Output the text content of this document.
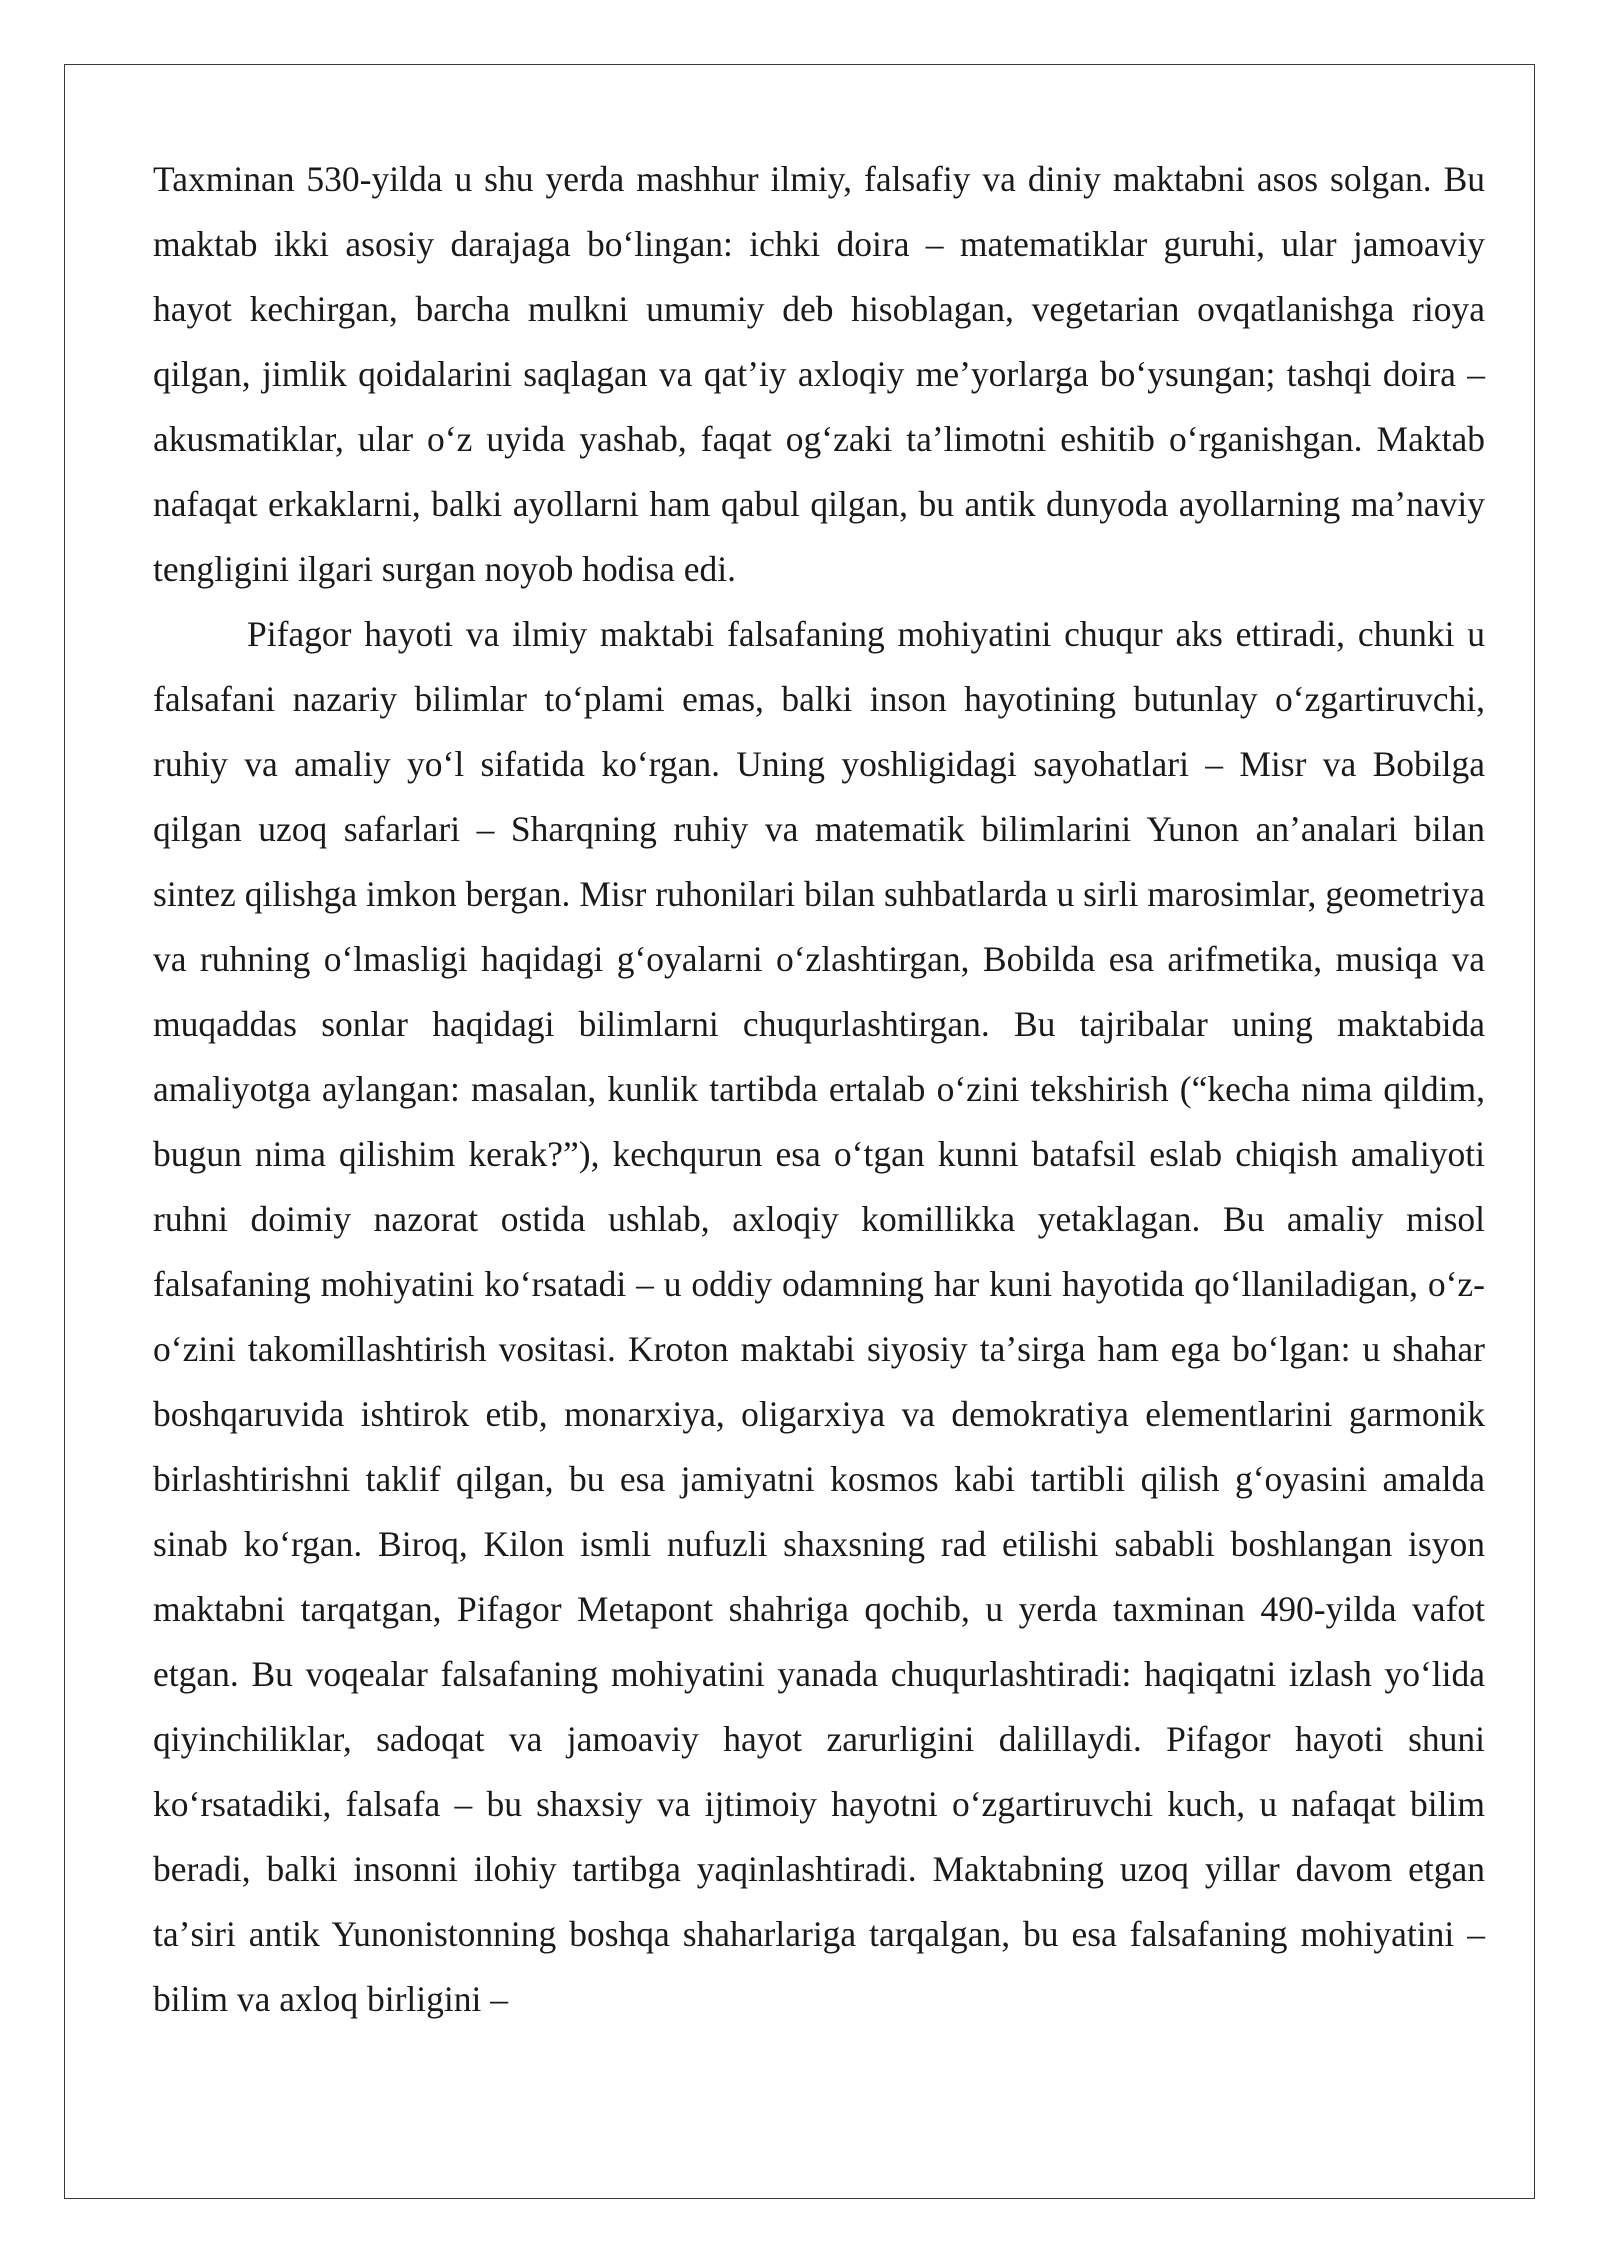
Taxminan 530-yilda u shu yerda mashhur ilmiy, falsafiy va diniy maktabni asos solgan. Bu maktab ikki asosiy darajaga boʻlingan: ichki doira – matematiklar guruhi, ular jamoaviy hayot kechirgan, barcha mulkni umumiy deb hisoblagan, vegetarian ovqatlanishga rioya qilgan, jimlik qoidalarini saqlagan va qatʼiy axloqiy meʼyorlarga boʻysungan; tashqi doira – akusmatiklar, ular oʻz uyida yashab, faqat ogʻzaki taʼlimotni eshitib oʻrganishgan. Maktab nafaqat erkaklarni, balki ayollarni ham qabul qilgan, bu antik dunyoda ayollarning maʼnaviy tengligini ilgari surgan noyob hodisa edi.

Pifagor hayoti va ilmiy maktabi falsafaning mohiyatini chuqur aks ettiradi, chunki u falsafani nazariy bilimlar toʻplami emas, balki inson hayotining butunlay oʻzgartiruvchi, ruhiy va amaliy yoʻl sifatida koʻrgan. Uning yoshligidagi sayohatlari – Misr va Bobilga qilgan uzoq safarlari – Sharqning ruhiy va matematik bilimlarini Yunon anʼanalari bilan sintez qilishga imkon bergan. Misr ruhonilari bilan suhbatlarda u sirli marosimlar, geometriya va ruhning oʻlmasligi haqidagi gʻoyalarni oʻzlashtirgan, Bobilda esa arifmetika, musiqa va muqaddas sonlar haqidagi bilimlarni chuqurlashtirgan. Bu tajribalar uning maktabida amaliyotga aylangan: masalan, kunlik tartibda ertalab oʻzini tekshirish (“kecha nima qildim, bugun nima qilishim kerak?”), kechqurun esa oʻtgan kunni batafsil eslab chiqish amaliyoti ruhni doimiy nazorat ostida ushlab, axloqiy komillikka yetaklagan. Bu amaliy misol falsafaning mohiyatini koʻrsatadi – u oddiy odamning har kuni hayotida qoʻllaniladigan, oʻz-oʻzini takomillashtirish vositasi. Kroton maktabi siyosiy taʼsirga ham ega boʻlgan: u shahar boshqaruvida ishtirok etib, monarxiya, oligarxiya va demokratiya elementlarini garmonik birlashtirishni taklif qilgan, bu esa jamiyatni kosmos kabi tartibli qilish gʻoyasini amalda sinab koʻrgan. Biroq, Kilon ismli nufuzli shaxsning rad etilishi sababli boshlangan isyon maktabni tarqatgan, Pifagor Metapont shahriga qochib, u yerda taxminan 490-yilda vafot etgan. Bu voqealar falsafaning mohiyatini yanada chuqurlashtiradi: haqiqatni izlash yoʻlida qiyinchiliklar, sadoqat va jamoaviy hayot zarurligini dalillaydi. Pifagor hayoti shuni koʻrsatadiki, falsafa – bu shaxsiy va ijtimoiy hayotni oʻzgartiruvchi kuch, u nafaqat bilim beradi, balki insonni ilohiy tartibga yaqinlashtiradi. Maktabning uzoq yillar davom etgan taʼsiri antik Yunonistonning boshqa shaharlariga tarqalgan, bu esa falsafaning mohiyatini – bilim va axloq birligini –
